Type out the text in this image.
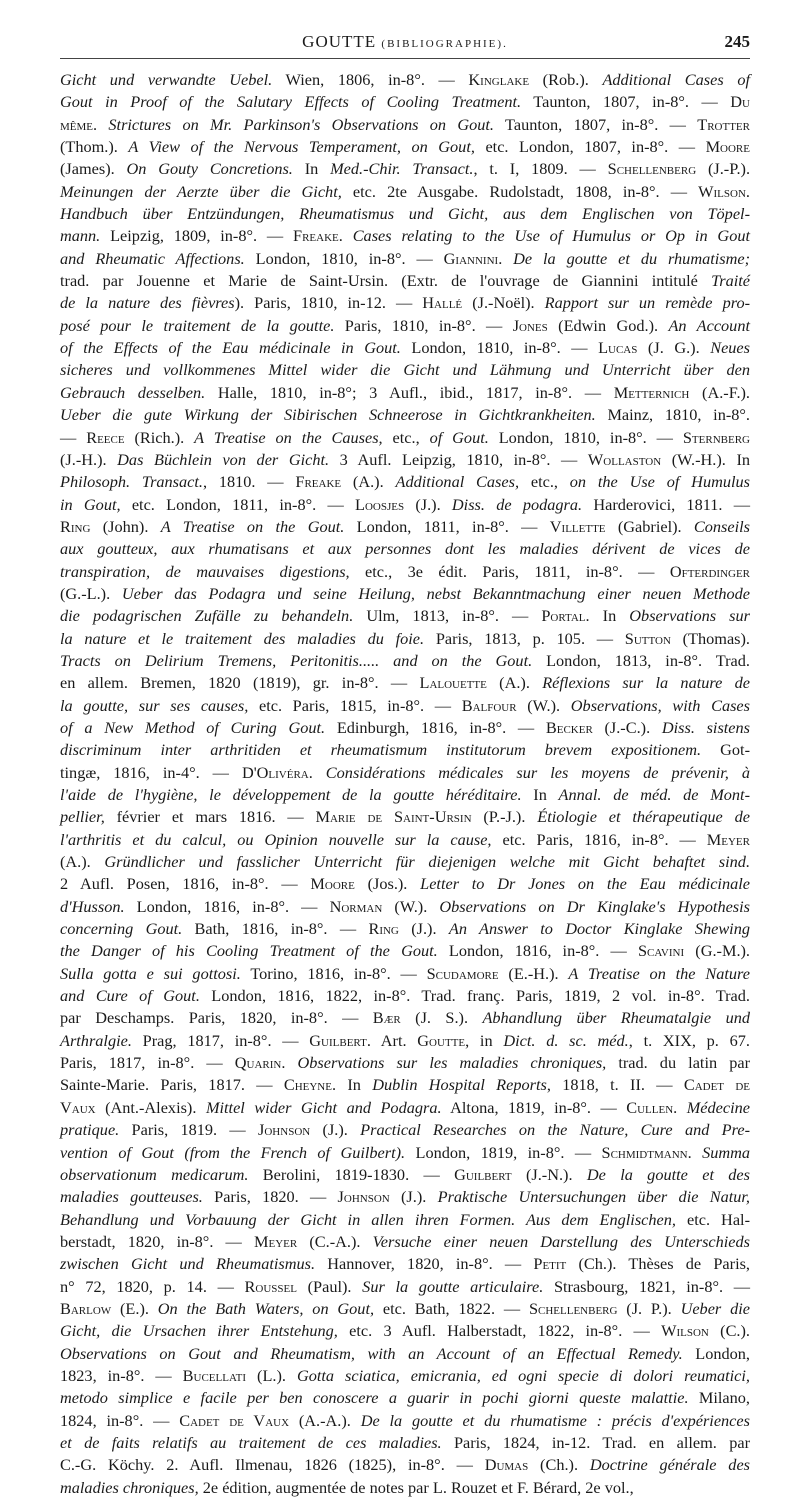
GOUTTE (BIBLIOGRAPHIE).	245
Gicht und verwandte Uebel. Wien, 1806, in-8°. — Kinglake (Rob.). Additional Cases of
Gout in Proof of the Salutary Effects of Cooling Treatment. Taunton, 1807, in-8°. — Du
même. Strictures on Mr. Parkinson's Observations on Gout. Taunton, 1807, in-8°. — Trotter
(Thom.). A View of the Nervous Temperament, on Gout, etc. London, 1807, in-8°. — Moore
(James). On Gouty Concretions. In Med.-Chir. Transact., t. I, 1809. — Schellenberg (J.-P.).
Meinungen der Aerzte über die Gicht, etc. 2te Ausgabe. Rudolstadt, 1808, in-8°. — Wilson.
Handbuch über Entzündungen, Rheumatismus und Gicht, aus dem Englischen von Töpel-
mann. Leipzig, 1809, in-8°. — Freake. Cases relating to the Use of Humulus or Op in Gout
and Rheumatic Affections. London, 1810, in-8°. — Giannini. De la goutte et du rhumatisme;
trad. par Jouenne et Marie de Saint-Ursin. (Extr. de l'ouvrage de Giannini intitulé Traité
de la nature des fièvres). Paris, 1810, in-12. — Hallé (J.-Noël). Rapport sur un remède pro-
posé pour le traitement de la goutte. Paris, 1810, in-8°. — Jones (Edwin God.). An Account
of the Effects of the Eau médicinale in Gout. London, 1810, in-8°. — Lucas (J. G.). Neues
sicheres und vollkommenes Mittel wider die Gicht und Lähmung und Unterricht über den
Gebrauch desselben. Halle, 1810, in-8°; 3 Aufl., ibid., 1817, in-8°. — Metternich (A.-F.).
Ueber die gute Wirkung der Sibirischen Schneerose in Gichtkrankheiten. Mainz, 1810, in-8°.
— Reece (Rich.). A Treatise on the Causes, etc., of Gout. London, 1810, in-8°. — Sternberg
(J.-H.). Das Büchlein von der Gicht. 3 Aufl. Leipzig, 1810, in-8°. — Wollaston (W.-H.). In
Philosoph. Transact., 1810. — Freake (A.). Additional Cases, etc., on the Use of Humulus
in Gout, etc. London, 1811, in-8°. — Loosjes (J.). Diss. de podagra. Harderovici, 1811. —
Ring (John). A Treatise on the Gout. London, 1811, in-8°. — Villette (Gabriel). Conseils
aux goutteux, aux rhumatisans et aux personnes dont les maladies dérivent de vices de
transpiration, de mauvaises digestions, etc., 3e édit. Paris, 1811, in-8°. — Ofterdinger
(G.-L.). Ueber das Podagra und seine Heilung, nebst Bekanntmachung einer neuen Methode
die podagrischen Zufälle zu behandeln. Ulm, 1813, in-8°. — Portal. In Observations sur
la nature et le traitement des maladies du foie. Paris, 1813, p. 105. — Sutton (Thomas).
Tracts on Delirium Tremens, Peritonitis..... and on the Gout. London, 1813, in-8°. Trad.
en allem. Bremen, 1820 (1819), gr. in-8°. — Lalouette (A.). Réflexions sur la nature de
la goutte, sur ses causes, etc. Paris, 1815, in-8°. — Balfour (W.). Observations, with Cases
of a New Method of Curing Gout. Edinburgh, 1816, in-8°. — Becker (J.-C.). Diss. sistens
discriminum inter arthritiden et rheumatismum institutorum brevem expositionem. Got-
tingæ, 1816, in-4°. — D'Olivéra. Considérations médicales sur les moyens de prévenir, à
l'aide de l'hygiène, le développement de la goutte héréditaire. In Annal. de méd. de Mont-
pellier, février et mars 1816. — Marie de Saint-Ursin (P.-J.). Étiologie et thérapeutique de
l'arthritis et du calcul, ou Opinion nouvelle sur la cause, etc. Paris, 1816, in-8°. — Meyer
(A.). Gründlicher und fasslicher Unterricht für diejenigen welche mit Gicht behaftet sind.
2 Aufl. Posen, 1816, in-8°. — Moore (Jos.). Letter to Dr Jones on the Eau médicinale
d'Husson. London, 1816, in-8°. — Norman (W.). Observations on Dr Kinglake's Hypothesis
concerning Gout. Bath, 1816, in-8°. — Ring (J.). An Answer to Doctor Kinglake Shewing
the Danger of his Cooling Treatment of the Gout. London, 1816, in-8°. — Scavini (G.-M.).
Sulla gotta e sui gottosi. Torino, 1816, in-8°. — Scudamore (E.-H.). A Treatise on the Nature
and Cure of Gout. London, 1816, 1822, in-8°. Trad. franç. Paris, 1819, 2 vol. in-8°. Trad.
par Deschamps. Paris, 1820, in-8°. — Bær (J. S.). Abhandlung über Rheumatalgie und
Arthralgie. Prag, 1817, in-8°. — Guilbert. Art. Goutte, in Dict. d. sc. méd., t. XIX, p. 67.
Paris, 1817, in-8°. — Quarin. Observations sur les maladies chroniques, trad. du latin par
Sainte-Marie. Paris, 1817. — Cheyne. In Dublin Hospital Reports, 1818, t. II. — Cadet de
Vaux (Ant.-Alexis). Mittel wider Gicht and Podagra. Altona, 1819, in-8°. — Cullen. Médecine
pratique. Paris, 1819. — Johnson (J.). Practical Researches on the Nature, Cure and Pre-
vention of Gout (from the French of Guilbert). London, 1819, in-8°. — Schmidtmann. Summa
observationum medicarum. Berolini, 1819-1830. — Guilbert (J.-N.). De la goutte et des
maladies goutteuses. Paris, 1820. — Johnson (J.). Praktische Untersuchungen über die Natur,
Behandlung und Vorbauung der Gicht in allen ihren Formen. Aus dem Englischen, etc. Hal-
berstadt, 1820, in-8°. — Meyer (C.-A.). Versuche einer neuen Darstellung des Unterschieds
zwischen Gicht und Rheumatismus. Hannover, 1820, in-8°. — Petit (Ch.). Thèses de Paris,
n° 72, 1820, p. 14. — Roussel (Paul). Sur la goutte articulaire. Strasbourg, 1821, in-8°. —
Barlow (E.). On the Bath Waters, on Gout, etc. Bath, 1822. — Schellenberg (J. P.). Ueber die
Gicht, die Ursachen ihrer Entstehung, etc. 3 Aufl. Halberstadt, 1822, in-8°. — Wilson (C.).
Observations on Gout and Rheumatism, with an Account of an Effectual Remedy. London,
1823, in-8°. — Bucellati (L.). Gotta sciatica, emicrania, ed ogni specie di dolori reumatici,
metodo simplice e facile per ben conoscere a guarir in pochi giorni queste malattie. Milano,
1824, in-8°. — Cadet de Vaux (A.-A.). De la goutte et du rhumatisme : précis d'expériences
et de faits relatifs au traitement de ces maladies. Paris, 1824, in-12. Trad. en allem. par
C.-G. Köchy. 2. Aufl. Ilmenau, 1826 (1825), in-8°. — Dumas (Ch.). Doctrine générale des
maladies chroniques, 2e édition, augmentée de notes par L. Rouzet et F. Bérard, 2e vol.,
